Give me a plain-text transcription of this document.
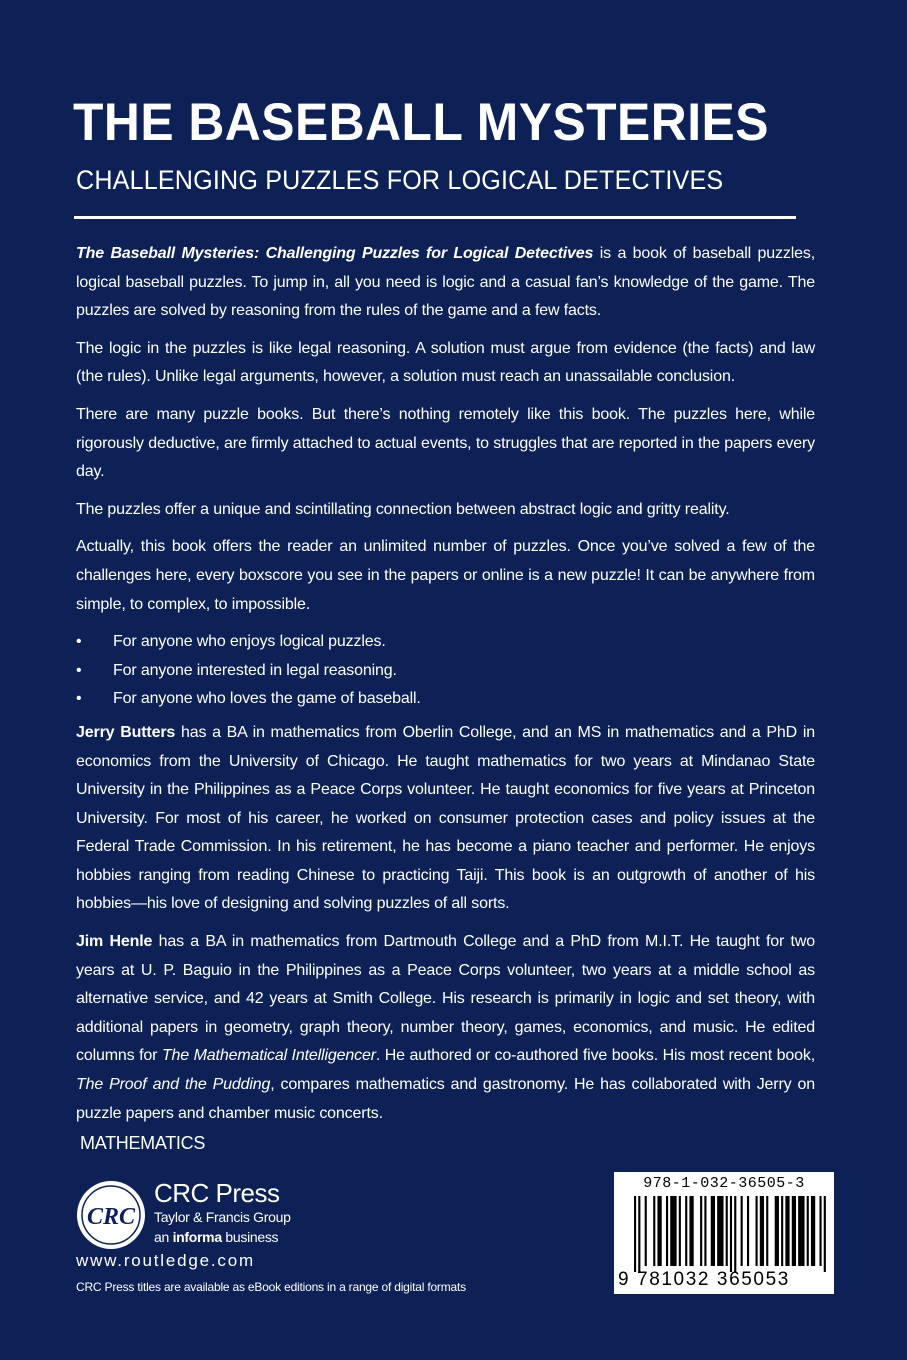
THE BASEBALL MYSTERIES
CHALLENGING PUZZLES FOR LOGICAL DETECTIVES

The Baseball Mysteries: Challenging Puzzles for Logical Detectives is a book of baseball puzzles, logical baseball puzzles. To jump in, all you need is logic and a casual fan’s knowledge of the game. The puzzles are solved by reasoning from the rules of the game and a few facts.

The logic in the puzzles is like legal reasoning. A solution must argue from evidence (the facts) and law (the rules). Unlike legal arguments, however, a solution must reach an unassailable conclusion.

There are many puzzle books. But there’s nothing remotely like this book. The puzzles here, while rigorously deductive, are firmly attached to actual events, to struggles that are reported in the papers every day.

The puzzles offer a unique and scintillating connection between abstract logic and gritty reality.

Actually, this book offers the reader an unlimited number of puzzles. Once you’ve solved a few of the challenges here, every boxscore you see in the papers or online is a new puzzle! It can be anywhere from simple, to complex, to impossible.

• For anyone who enjoys logical puzzles.
• For anyone interested in legal reasoning.
• For anyone who loves the game of baseball.

Jerry Butters has a BA in mathematics from Oberlin College, and an MS in mathematics and a PhD in economics from the University of Chicago. He taught mathematics for two years at Mindanao State University in the Philippines as a Peace Corps volunteer. He taught economics for five years at Princeton University. For most of his career, he worked on consumer protection cases and policy issues at the Federal Trade Commission. In his retirement, he has become a piano teacher and performer. He enjoys hobbies ranging from reading Chinese to practicing Taiji. This book is an outgrowth of another of his hobbies—his love of designing and solving puzzles of all sorts.

Jim Henle has a BA in mathematics from Dartmouth College and a PhD from M.I.T. He taught for two years at U. P. Baguio in the Philippines as a Peace Corps volunteer, two years at a middle school as alternative service, and 42 years at Smith College. His research is primarily in logic and set theory, with additional papers in geometry, graph theory, number theory, games, economics, and music. He edited columns for The Mathematical Intelligencer. He authored or co-authored five books. His most recent book, The Proof and the Pudding, compares mathematics and gastronomy. He has collaborated with Jerry on puzzle papers and chamber music concerts.

MATHEMATICS
CRC
CRC Press
Taylor & Francis Group
an informa business
www.routledge.com
CRC Press titles are available as eBook editions in a range of digital formats
978-1-032-36505-3
9 781032 365053
